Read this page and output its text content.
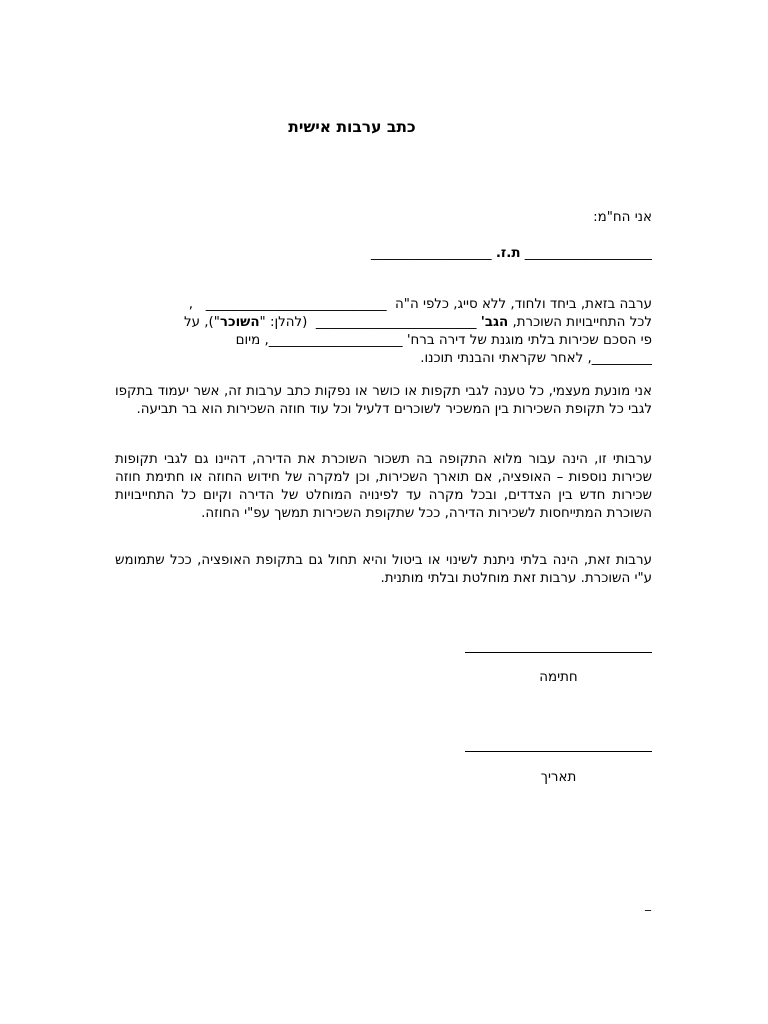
כתב ערבות אישית
אני הח"מ:
___________________ ת.ז. __________________
ערבה בזאת, ביחד ולחוד, ללא סייג, כלפי ה"ה  ___________________________   ,
לכל התחייבויות השוכרת, הגב' ________________________  (להלן: "השוכר"), על
פי הסכם שכירות בלתי מוגנת של דירה ברח' ____________________, מיום
_________, לאחר שקראתי והבנתי תוכנו.

אני מונעת מעצמי, כל טענה לגבי תקפות או כושר או נפקות כתב ערבות זה, אשר יעמוד בתקפו לגבי כל תקופת השכירות בין המשכיר לשוכרים דלעיל וכל עוד חוזה השכירות הוא בר תביעה.

ערבותי זו, הינה עבור מלוא התקופה בה תשכור השוכרת את הדירה, דהיינו גם לגבי תקופות שכירות נוספות – האופציה, אם תוארך השכירות, וכן למקרה של חידוש החוזה או חתימת חוזה שכירות חדש בין הצדדים, ובכל מקרה עד לפינויה המוחלט של הדירה וקיום כל התחייבויות השוכרת המתייחסות לשכירות הדירה, ככל שתקופת השכירות תמשך עפ"י החוזה.

ערבות זאת, הינה בלתי ניתנת לשינוי או ביטול והיא תחול גם בתקופת האופציה, ככל שתמומש ע"י השוכרת. ערבות זאת מוחלטת ובלתי מותנית.

חתימה
תאריך
_
